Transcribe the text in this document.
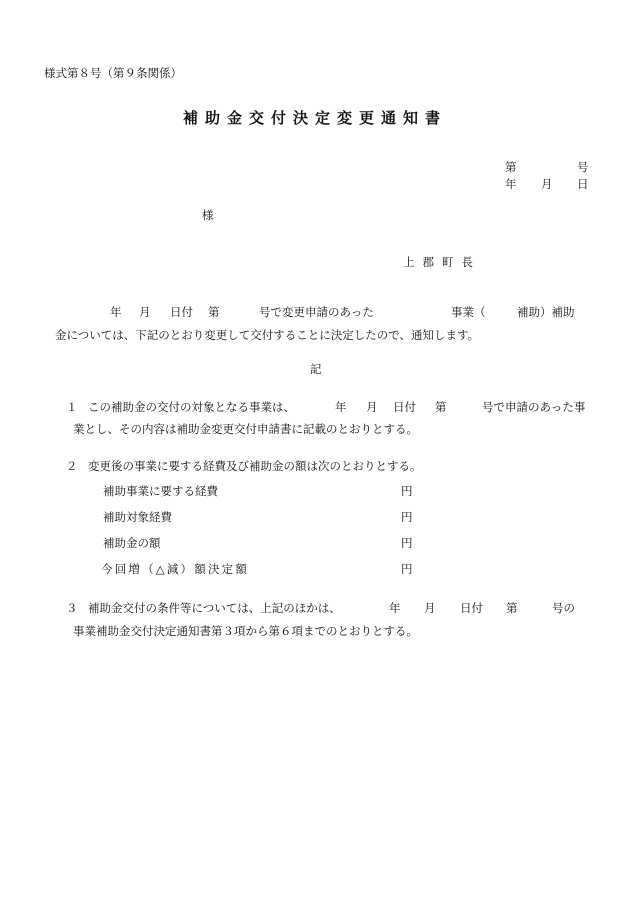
様式第８号（第９条関係）
補助金交付決定変更通知書
第	号
年 月 日
様
上郡町長
年 月 日付 第	号で変更申請のあった	事業（	補助）補助
金については、下記のとおり変更して交付することに決定したので、通知します。
記
１ この補助金の交付の対象となる事業は、	年 月 日付 第	号で申請のあった事
業とし、その内容は補助金変更交付申請書に記載のとおりとする。
２ 変更後の事業に要する経費及び補助金の額は次のとおりとする。
補助事業に要する経費	円
補助対象経費	円
補助金の額	円
今回増（△減）額決定額	円
３ 補助金交付の条件等については、上記のほかは、	年 月 日付 第	号の
事業補助金交付決定通知書第３項から第６項までのとおりとする。
